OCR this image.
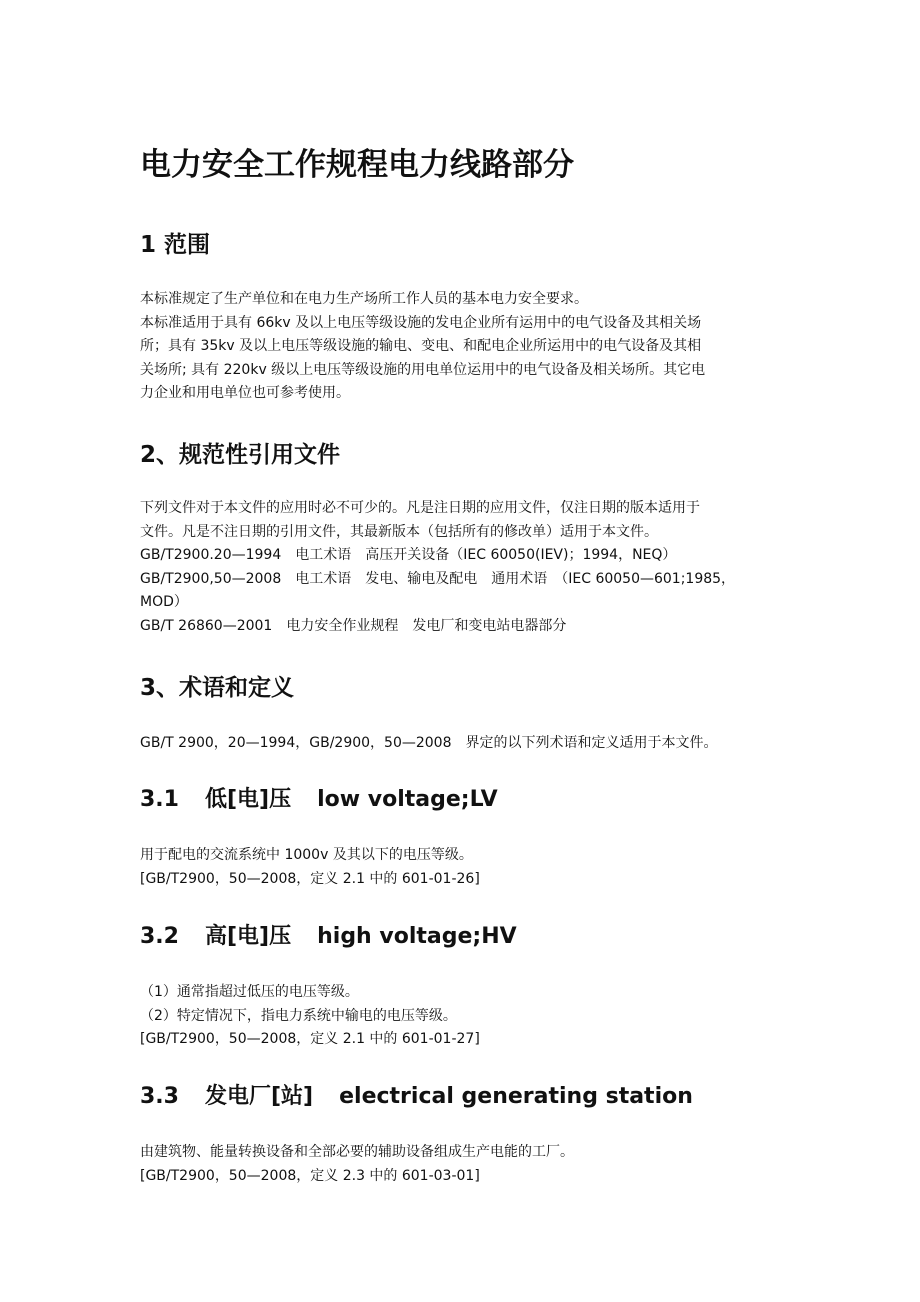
电力安全工作规程电力线路部分
1 范围
本标准规定了生产单位和在电力生产场所工作人员的基本电力安全要求。
本标准适用于具有 66kv 及以上电压等级设施的发电企业所有运用中的电气设备及其相关场
所；具有 35kv 及以上电压等级设施的输电、变电、和配电企业所运用中的电气设备及其相
关场所; 具有 220kv 级以上电压等级设施的用电单位运用中的电气设备及相关场所。其它电
力企业和用电单位也可参考使用。
2、规范性引用文件
下列文件对于本文件的应用时必不可少的。凡是注日期的应用文件，仅注日期的版本适用于
文件。凡是不注日期的引用文件，其最新版本（包括所有的修改单）适用于本文件。
GB/T2900.20—1994　电工术语　高压开关设备（IEC 60050(IEV)；1994，NEQ）
GB/T2900,50—2008　电工术语　发电、输电及配电　通用术语　（IEC 60050—601;1985，
MOD）
GB/T 26860—2001　电力安全作业规程　发电厂和变电站电器部分
3、术语和定义
GB/T 2900，20—1994，GB/2900，50—2008　界定的以下列术语和定义适用于本文件。
3.1 低[电]压 low voltage;LV
用于配电的交流系统中 1000v 及其以下的电压等级。
[GB/T2900，50—2008，定义 2.1 中的 601-01-26]
3.2 高[电]压 high voltage;HV
（1）通常指超过低压的电压等级。
（2）特定情况下，指电力系统中输电的电压等级。
[GB/T2900，50—2008，定义 2.1 中的 601-01-27]
3.3 发电厂[站] electrical generating station
由建筑物、能量转换设备和全部必要的辅助设备组成生产电能的工厂。
[GB/T2900，50—2008，定义 2.3 中的 601-03-01]
